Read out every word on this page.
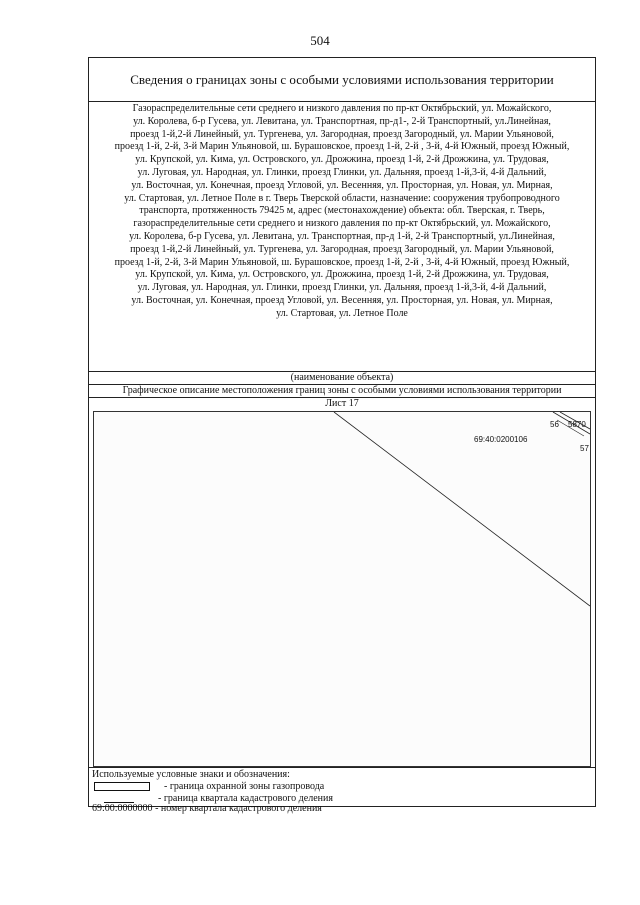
504
Сведения о границах зоны с особыми условиями использования территории
Газораспределительные сети среднего и низкого давления по пр-кт Октябрьский, ул. Можайского,
ул. Королева, б-р Гусева, ул. Левитана, ул. Транспортная, пр-д1-, 2-й Транспортный, ул.Линейная,
проезд 1-й,2-й Линейный, ул. Тургенева, ул. Загородная, проезд Загородный, ул. Марии Ульяновой,
проезд 1-й, 2-й, 3-й Марин Ульяновой, ш. Бурашовское, проезд 1-й, 2-й , 3-й, 4-й Южный, проезд Южный,
ул. Крупской, ул. Кима, ул. Островского, ул. Дрожжина, проезд 1-й, 2-й Дрожжина, ул. Трудовая,
ул. Луговая, ул. Народная, ул. Глинки, проезд Глинки, ул. Дальняя, проезд 1-й,3-й, 4-й Дальний,
ул. Восточная, ул. Конечная, проезд Угловой, ул. Весенняя, ул. Просторная, ул. Новая, ул. Мирная,
ул. Стартовая, ул. Летное Поле в г. Тверь Тверской области, назначение: сооружения трубопроводного
транспорта, протяженность 79425 м, адрес (местонахождение) объекта: обл. Тверская, г. Тверь,
газораспределительные сети среднего и низкого давления по пр-кт Октябрьский, ул. Можайского,
ул. Королева, б-р Гусева, ул. Левитана, ул. Транспортная, пр-д 1-й, 2-й Транспортный, ул.Линейная,
проезд 1-й,2-й Линейный, ул. Тургенева, ул. Загородная, проезд Загородный, ул. Марии Ульяновой,
проезд 1-й, 2-й, 3-й Марин Ульяновой, ш. Бурашовское, проезд 1-й, 2-й , 3-й, 4-й Южный, проезд Южный,
ул. Крупской, ул. Кима, ул. Островского, ул. Дрожжина, проезд 1-й, 2-й Дрожжина, ул. Трудовая,
ул. Луговая, ул. Народная, ул. Глинки, проезд Глинки, ул. Дальняя, проезд 1-й,3-й, 4-й Дальний,
ул. Восточная, ул. Конечная, проезд Угловой, ул. Весенняя, ул. Просторная, ул. Новая, ул. Мирная,
ул. Стартовая, ул. Летное Поле
(наименование объекта)
Графическое описание местоположения границ зоны с особыми условиями использования территории
Лист 17
69:40:0200106
56 5870
57
Используемые условные знаки и обозначения:
- граница охранной зоны газопровода
- граница квартала кадастрового деления
69:00:0000000 - номер квартала кадастрового деления
